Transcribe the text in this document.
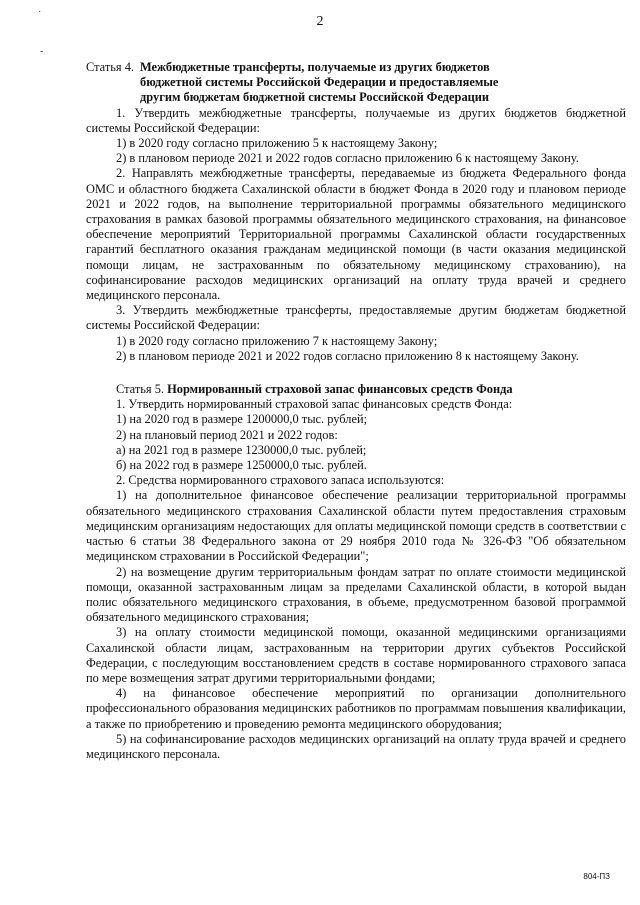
˙
-
2
Статья 4. Межбюджетные трансферты, получаемые из других бюджетов
бюджетной системы Российской Федерации и предоставляемые
другим бюджетам бюджетной системы Российской Федерации

1. Утвердить межбюджетные трансферты, получаемые из других бюджетов бюджетной системы Российской Федерации:

1) в 2020 году согласно приложению 5 к настоящему Закону;

2) в плановом периоде 2021 и 2022 годов согласно приложению 6 к настоящему Закону.

2. Направлять межбюджетные трансферты, передаваемые из бюджета Федерального фонда ОМС и областного бюджета Сахалинской области в бюджет Фонда в 2020 году и плановом периоде 2021 и 2022 годов, на выполнение территориальной программы обязательного медицинского страхования в рамках базовой программы обязательного медицинского страхования, на финансовое обеспечение мероприятий Территориальной программы Сахалинской области государственных гарантий бесплатного оказания гражданам медицинской помощи (в части оказания медицинской помощи лицам, не застрахованным по обязательному медицинскому страхованию), на софинансирование расходов медицинских организаций на оплату труда врачей и среднего медицинского персонала.

3. Утвердить межбюджетные трансферты, предоставляемые другим бюджетам бюджетной системы Российской Федерации:

1) в 2020 году согласно приложению 7 к настоящему Закону;

2) в плановом периоде 2021 и 2022 годов согласно приложению 8 к настоящему Закону.

Статья 5. Нормированный страховой запас финансовых средств Фонда

1. Утвердить нормированный страховой запас финансовых средств Фонда:

1) на 2020 год в размере 1200000,0 тыс. рублей;

2) на плановый период 2021 и 2022 годов:

а) на 2021 год в размере 1230000,0 тыс. рублей;

б) на 2022 год в размере 1250000,0 тыс. рублей.

2. Средства нормированного страхового запаса используются:

1) на дополнительное финансовое обеспечение реализации территориальной программы обязательного медицинского страхования Сахалинской области путем предоставления страховым медицинским организациям недостающих для оплаты медицинской помощи средств в соответствии с частью 6 статьи 38 Федерального закона от 29 ноября 2010 года № 326-ФЗ "Об обязательном медицинском страховании в Российской Федерации";

2) на возмещение другим территориальным фондам затрат по оплате стоимости медицинской помощи, оказанной застрахованным лицам за пределами Сахалинской области, в которой выдан полис обязательного медицинского страхования, в объеме, предусмотренном базовой программой обязательного медицинского страхования;

3) на оплату стоимости медицинской помощи, оказанной медицинскими организациями Сахалинской области лицам, застрахованным на территории других субъектов Российской Федерации, с последующим восстановлением средств в составе нормированного страхового запаса по мере возмещения затрат другими территориальными фондами;

4) на финансовое обеспечение мероприятий по организации дополнительного профессионального образования медицинских работников по программам повышения квалификации, а также по приобретению и проведению ремонта медицинского оборудования;

5) на софинансирование расходов медицинских организаций на оплату труда врачей и среднего медицинского персонала.

804-ПЗ
